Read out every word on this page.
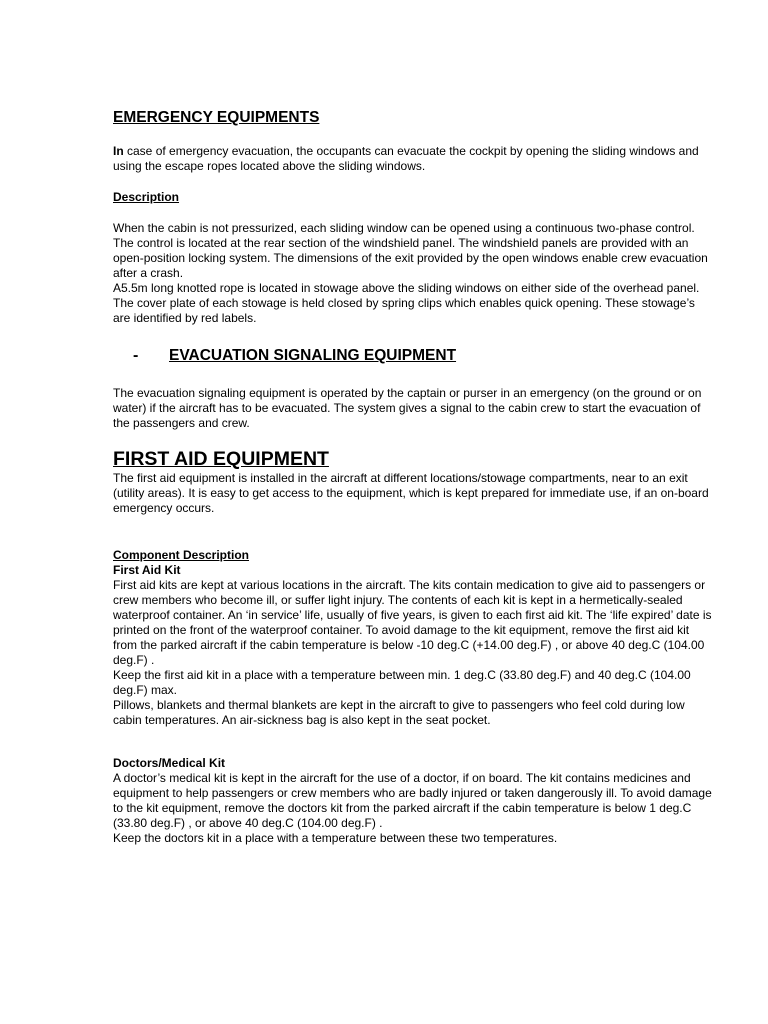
EMERGENCY EQUIPMENTS

In case of emergency evacuation, the occupants can evacuate the cockpit by opening the sliding windows and using the escape ropes located above the sliding windows.

Description

When the cabin is not pressurized, each sliding window can be opened using a continuous two-phase control. The control is located at the rear section of the windshield panel. The windshield panels are provided with an open-position locking system. The dimensions of the exit provided by the open windows enable crew evacuation after a crash.

A5.5m long knotted rope is located in stowage above the sliding windows on either side of the overhead panel. The cover plate of each stowage is held closed by spring clips which enables quick opening. These stowage’s are identified by red labels.

-	EVACUATION SIGNALING EQUIPMENT

The evacuation signaling equipment is operated by the captain or purser in an emergency (on the ground or on water) if the aircraft has to be evacuated. The system gives a signal to the cabin crew to start the evacuation of the passengers and crew.

FIRST AID EQUIPMENT

The first aid equipment is installed in the aircraft at different locations/stowage compartments, near to an exit (utility areas). It is easy to get access to the equipment, which is kept prepared for immediate use, if an on-board emergency occurs.

Component Description
First Aid Kit

First aid kits are kept at various locations in the aircraft. The kits contain medication to give aid to passengers or crew members who become ill, or suffer light injury. The contents of each kit is kept in a hermetically-sealed waterproof container. An ‘in service’ life, usually of five years, is given to each first aid kit. The ‘life expired’ date is printed on the front of the waterproof container. To avoid damage to the kit equipment, remove the first aid kit from the parked aircraft if the cabin temperature is below -10 deg.C (+14.00 deg.F) , or above 40 deg.C (104.00 deg.F) .

Keep the first aid kit in a place with a temperature between min. 1 deg.C (33.80 deg.F) and 40 deg.C (104.00 deg.F) max.

Pillows, blankets and thermal blankets are kept in the aircraft to give to passengers who feel cold during low cabin temperatures. An air-sickness bag is also kept in the seat pocket.

Doctors/Medical Kit

A doctor’s medical kit is kept in the aircraft for the use of a doctor, if on board. The kit contains medicines and equipment to help passengers or crew members who are badly injured or taken dangerously ill. To avoid damage to the kit equipment, remove the doctors kit from the parked aircraft if the cabin temperature is below 1 deg.C (33.80 deg.F) , or above 40 deg.C (104.00 deg.F) .

Keep the doctors kit in a place with a temperature between these two temperatures.
